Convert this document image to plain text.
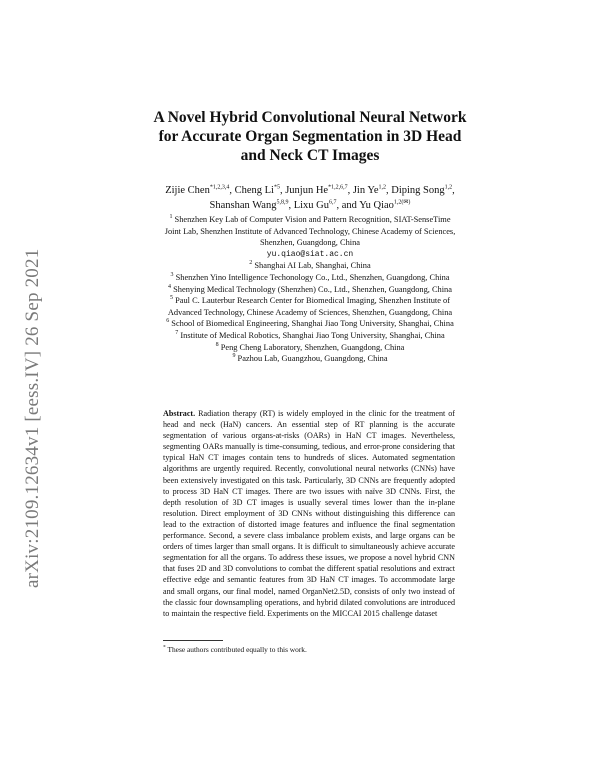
arXiv:2109.12634v1 [eess.IV] 26 Sep 2021
A Novel Hybrid Convolutional Neural Network
for Accurate Organ Segmentation in 3D Head
and Neck CT Images
Zijie Chen$^{*1,2,3,4}$, Cheng Li$^{*5}$, Junjun He$^{*1,2,6,7}$, Jin Ye$^{1,2}$, Diping Song$^{1,2}$,
Shanshan Wang$^{5,8,9}$, Lixu Gu$^{6,7}$, and Yu Qiao$^{1,2(✉)}$
$^1$ Shenzhen Key Lab of Computer Vision and Pattern Recognition, SIAT-SenseTime
Joint Lab, Shenzhen Institute of Advanced Technology, Chinese Academy of Sciences,
Shenzhen, Guangdong, China
yu.qiao@siat.ac.cn
$^2$ Shanghai AI Lab, Shanghai, China
$^3$ Shenzhen Yino Intelligence Techonology Co., Ltd., Shenzhen, Guangdong, China
$^4$ Shenying Medical Technology (Shenzhen) Co., Ltd., Shenzhen, Guangdong, China
$^5$ Paul C. Lauterbur Research Center for Biomedical Imaging, Shenzhen Institute of
Advanced Technology, Chinese Academy of Sciences, Shenzhen, Guangdong, China
$^6$ School of Biomedical Engineering, Shanghai Jiao Tong University, Shanghai, China
$^7$ Institute of Medical Robotics, Shanghai Jiao Tong University, Shanghai, China
$^8$ Peng Cheng Laboratory, Shenzhen, Guangdong, China
$^9$ Pazhou Lab, Guangzhou, Guangdong, China

Abstract. Radiation therapy (RT) is widely employed in the clinic for the treatment of head and neck (HaN) cancers. An essential step of RT planning is the accurate segmentation of various organs-at-risks (OARs) in HaN CT images. Nevertheless, segmenting OARs manually is time-consuming, tedious, and error-prone considering that typical HaN CT images contain tens to hundreds of slices. Automated segmentation algorithms are urgently required. Recently, convolutional neural networks (CNNs) have been extensively investigated on this task. Particularly, 3D CNNs are frequently adopted to process 3D HaN CT images. There are two issues with naïve 3D CNNs. First, the depth resolution of 3D CT images is usually several times lower than the in-plane resolution. Direct employment of 3D CNNs without distinguishing this difference can lead to the extraction of distorted image features and influence the final segmentation performance. Second, a severe class imbalance problem exists, and large organs can be orders of times larger than small organs. It is difficult to simultaneously achieve accurate segmentation for all the organs. To address these issues, we propose a novel hybrid CNN that fuses 2D and 3D convolutions to combat the different spatial resolutions and extract effective edge and semantic features from 3D HaN CT images. To accommodate large and small organs, our final model, named OrganNet2.5D, consists of only two instead of the classic four downsampling operations, and hybrid dilated convolutions are introduced to maintain the respective field. Experiments on the MICCAI 2015 challenge dataset

* These authors contributed equally to this work.
